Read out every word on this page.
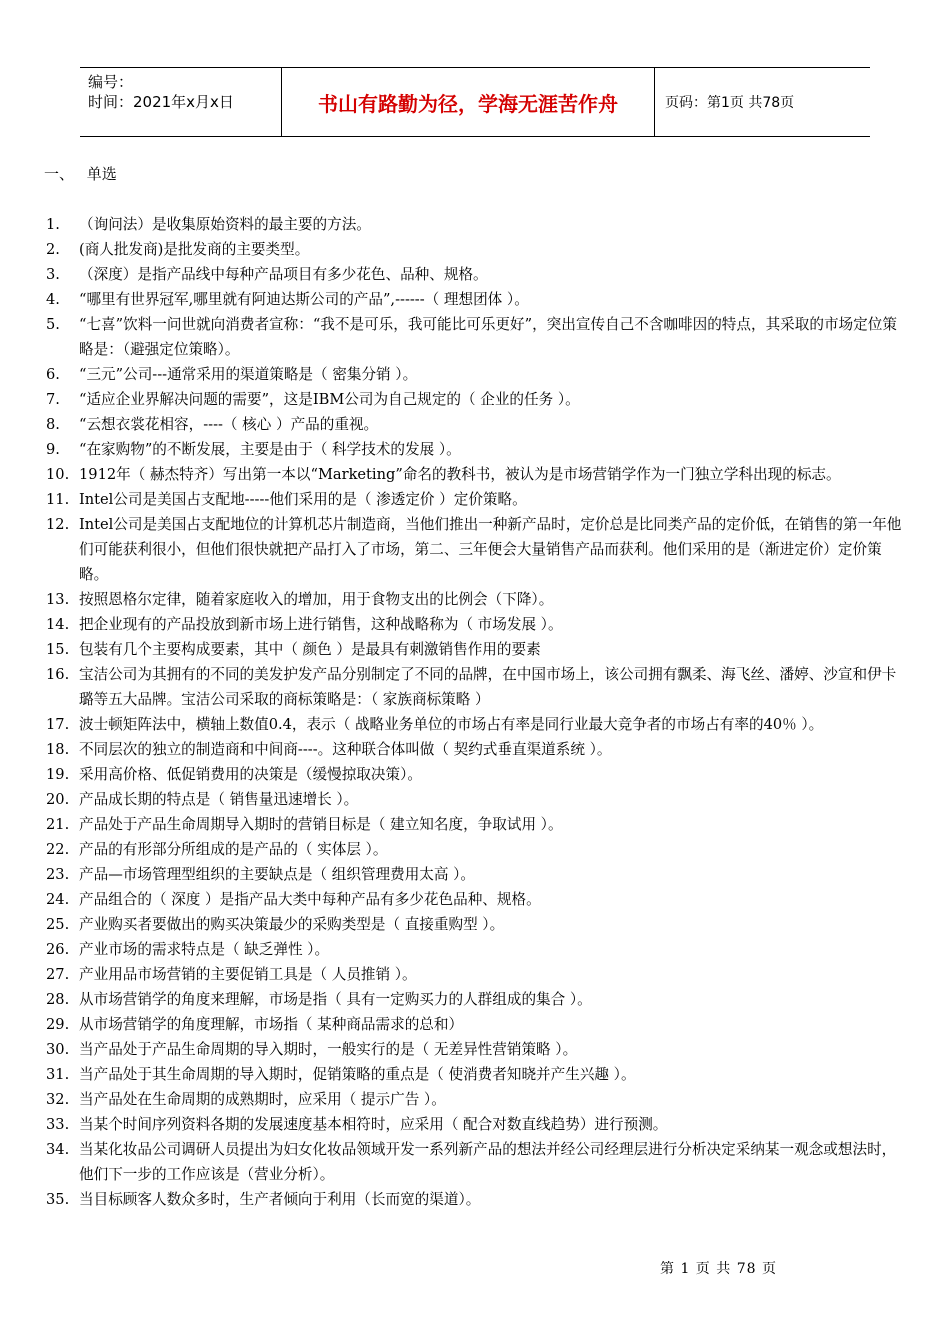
编号：
时间：2021年x月x日	书山有路勤为径，学海无涯苦作舟	页码：第1页 共78页
一、 单选
1.	（询问法）是收集原始资料的最主要的方法。
2.	(商人批发商)是批发商的主要类型。
3.	（深度）是指产品线中每种产品项目有多少花色、品种、规格。
4.	“哪里有世界冠军,哪里就有阿迪达斯公司的产品”,------（ 理想团体 ）。
5.	“七喜”饮料一问世就向消费者宣称：“我不是可乐，我可能比可乐更好”，突出宣传自己不含咖啡因的特点，其采取的市场定位策略是：（避强定位策略）。
6.	“三元”公司---通常采用的渠道策略是（ 密集分销 ）。
7.	“适应企业界解决问题的需要”，这是IBM公司为自己规定的（ 企业的任务 ）。
8.	“云想衣裳花相容，----（ 核心 ）产品的重视。
9.	“在家购物”的不断发展，主要是由于（ 科学技术的发展 ）。
10. 1912年（ 赫杰特齐）写出第一本以“Marketing”命名的教科书，被认为是市场营销学作为一门独立学科出现的标志。
11. Intel公司是美国占支配地-----他们采用的是（ 渗透定价 ）定价策略。
12. Intel公司是美国占支配地位的计算机芯片制造商，当他们推出一种新产品时，定价总是比同类产品的定价低，在销售的第一年他们可能获利很小，但他们很快就把产品打入了市场，第二、三年便会大量销售产品而获利。他们采用的是（渐进定价）定价策略。
13. 按照恩格尔定律，随着家庭收入的增加，用于食物支出的比例会（下降）。
14. 把企业现有的产品投放到新市场上进行销售，这种战略称为（ 市场发展 ）。
15. 包装有几个主要构成要素，其中（ 颜色 ）是最具有刺激销售作用的要素
16. 宝洁公司为其拥有的不同的美发护发产品分别制定了不同的品牌，在中国市场上，该公司拥有飘柔、海飞丝、潘婷、沙宣和伊卡璐等五大品牌。宝洁公司采取的商标策略是：（ 家族商标策略 ）
17. 波士顿矩阵法中，横轴上数值0.4，表示（ 战略业务单位的市场占有率是同行业最大竞争者的市场占有率的40％ ）。
18. 不同层次的独立的制造商和中间商----。这种联合体叫做（ 契约式垂直渠道系统 ）。
19. 采用高价格、低促销费用的决策是（缓慢掠取决策）。
20. 产品成长期的特点是（ 销售量迅速增长 ）。
21. 产品处于产品生命周期导入期时的营销目标是（ 建立知名度，争取试用 ）。
22. 产品的有形部分所组成的是产品的（ 实体层 ）。
23. 产品—市场管理型组织的主要缺点是（ 组织管理费用太高 ）。
24. 产品组合的（ 深度 ）是指产品大类中每种产品有多少花色品种、规格。
25. 产业购买者要做出的购买决策最少的采购类型是（ 直接重购型 ）。
26. 产业市场的需求特点是（ 缺乏弹性 ）。
27. 产业用品市场营销的主要促销工具是（ 人员推销 ）。
28. 从市场营销学的角度来理解，市场是指（ 具有一定购买力的人群组成的集合 ）。
29. 从市场营销学的角度理解，市场指（ 某种商品需求的总和）
30. 当产品处于产品生命周期的导入期时，一般实行的是（ 无差异性营销策略 ）。
31. 当产品处于其生命周期的导入期时，促销策略的重点是（ 使消费者知晓并产生兴趣 ）。
32. 当产品处在生命周期的成熟期时，应采用（ 提示广告 ）。
33. 当某个时间序列资料各期的发展速度基本相符时，应采用（ 配合对数直线趋势）进行预测。
34. 当某化妆品公司调研人员提出为妇女化妆品领域开发一系列新产品的想法并经公司经理层进行分析决定采纳某一观念或想法时，他们下一步的工作应该是（营业分析）。
35. 当目标顾客人数众多时，生产者倾向于利用（长而宽的渠道）。
第 1 页 共 78 页
